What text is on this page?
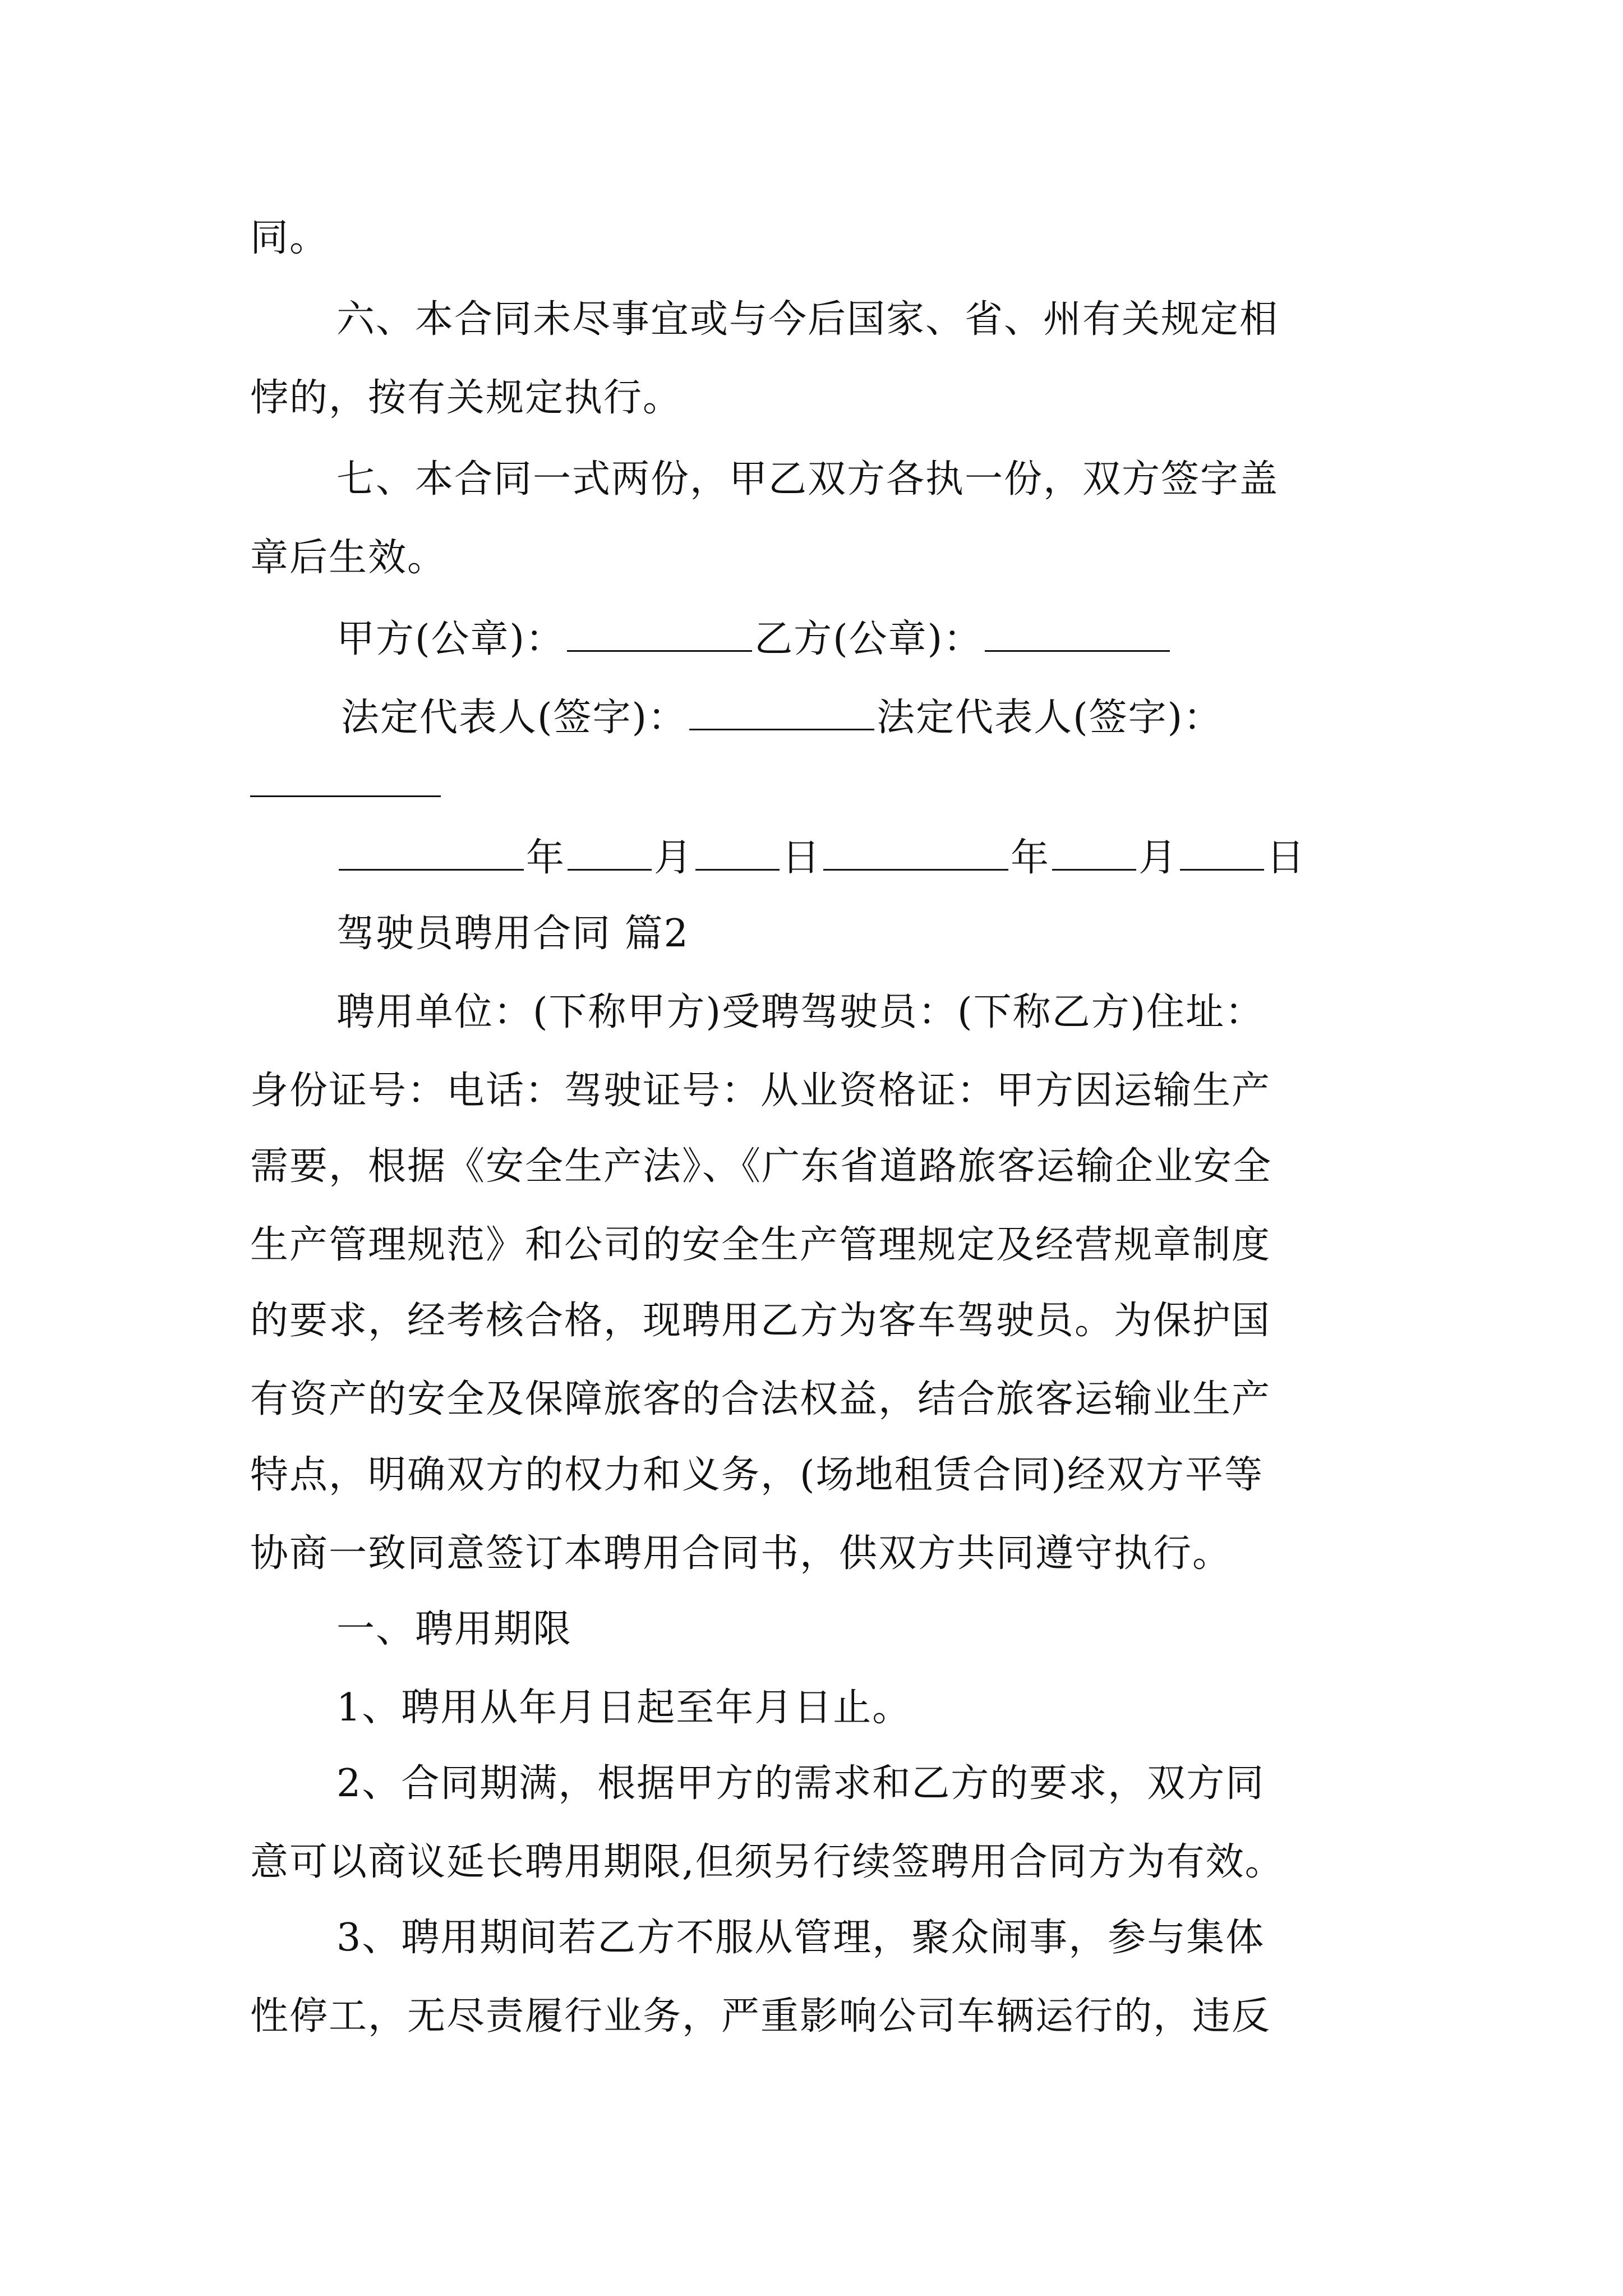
同。

六、本合同未尽事宜或与今后国家、省、州有关规定相

悖的，按有关规定执行。

七、本合同一式两份，甲乙双方各执一份，双方签字盖

章后生效。

甲方(公章)：	乙方(公章)：
法定代表人(签字)：	法定代表人(签字)：
年 月 日	年 月 日

驾驶员聘用合同 篇2

聘用单位：(下称甲方)受聘驾驶员：(下称乙方)住址：

身份证号：电话：驾驶证号：从业资格证：甲方因运输生产

需要，根据《安全生产法》、《广东省道路旅客运输企业安全

生产管理规范》和公司的安全生产管理规定及经营规章制度

的要求，经考核合格，现聘用乙方为客车驾驶员。为保护国

有资产的安全及保障旅客的合法权益，结合旅客运输业生产

特点，明确双方的权力和义务，(场地租赁合同)经双方平等

协商一致同意签订本聘用合同书，供双方共同遵守执行。

一、聘用期限

1、聘用从年月日起至年月日止。

2、合同期满，根据甲方的需求和乙方的要求，双方同

意可以商议延长聘用期限,但须另行续签聘用合同方为有效。

3、聘用期间若乙方不服从管理，聚众闹事，参与集体

性停工，无尽责履行业务，严重影响公司车辆运行的，违反
